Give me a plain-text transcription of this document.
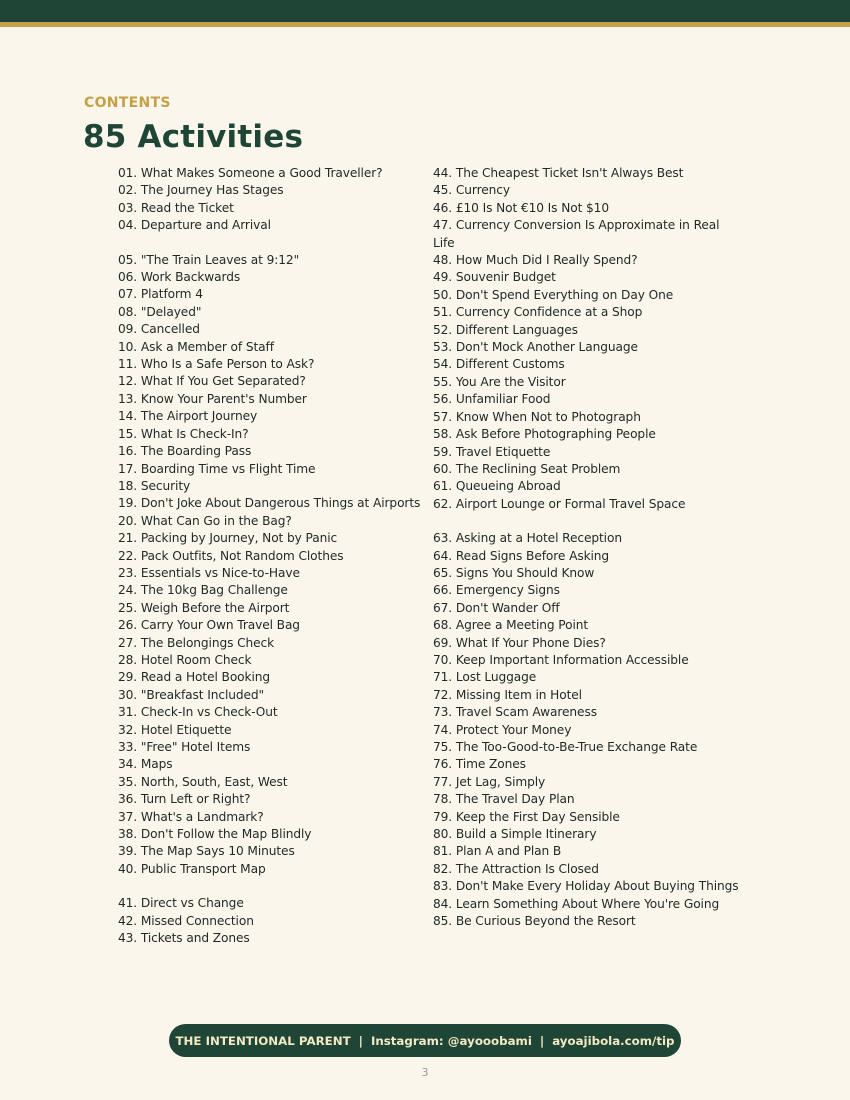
CONTENTS

85 Activities
01. What Makes Someone a Good Traveller?
02. The Journey Has Stages
03. Read the Ticket
04. Departure and Arrival
05. "The Train Leaves at 9:12"
06. Work Backwards
07. Platform 4
08. "Delayed"
09. Cancelled
10. Ask a Member of Staff
11. Who Is a Safe Person to Ask?
12. What If You Get Separated?
13. Know Your Parent's Number
14. The Airport Journey
15. What Is Check-In?
16. The Boarding Pass
17. Boarding Time vs Flight Time
18. Security
19. Don't Joke About Dangerous Things at Airports
20. What Can Go in the Bag?
21. Packing by Journey, Not by Panic
22. Pack Outfits, Not Random Clothes
23. Essentials vs Nice-to-Have
24. The 10kg Bag Challenge
25. Weigh Before the Airport
26. Carry Your Own Travel Bag
27. The Belongings Check
28. Hotel Room Check
29. Read a Hotel Booking
30. "Breakfast Included"
31. Check-In vs Check-Out
32. Hotel Etiquette
33. "Free" Hotel Items
34. Maps
35. North, South, East, West
36. Turn Left or Right?
37. What's a Landmark?
38. Don't Follow the Map Blindly
39. The Map Says 10 Minutes
40. Public Transport Map
41. Direct vs Change
42. Missed Connection
43. Tickets and Zones
44. The Cheapest Ticket Isn't Always Best
45. Currency
46. £10 Is Not €10 Is Not $10
47. Currency Conversion Is Approximate in Real Life
48. How Much Did I Really Spend?
49. Souvenir Budget
50. Don't Spend Everything on Day One
51. Currency Confidence at a Shop
52. Different Languages
53. Don't Mock Another Language
54. Different Customs
55. You Are the Visitor
56. Unfamiliar Food
57. Know When Not to Photograph
58. Ask Before Photographing People
59. Travel Etiquette
60. The Reclining Seat Problem
61. Queueing Abroad
62. Airport Lounge or Formal Travel Space
63. Asking at a Hotel Reception
64. Read Signs Before Asking
65. Signs You Should Know
66. Emergency Signs
67. Don't Wander Off
68. Agree a Meeting Point
69. What If Your Phone Dies?
70. Keep Important Information Accessible
71. Lost Luggage
72. Missing Item in Hotel
73. Travel Scam Awareness
74. Protect Your Money
75. The Too-Good-to-Be-True Exchange Rate
76. Time Zones
77. Jet Lag, Simply
78. The Travel Day Plan
79. Keep the First Day Sensible
80. Build a Simple Itinerary
81. Plan A and Plan B
82. The Attraction Is Closed
83. Don't Make Every Holiday About Buying Things
84. Learn Something About Where You're Going
85. Be Curious Beyond the Resort
THE INTENTIONAL PARENT | Instagram: @ayooobami | ayoajibola.com/tip
3
